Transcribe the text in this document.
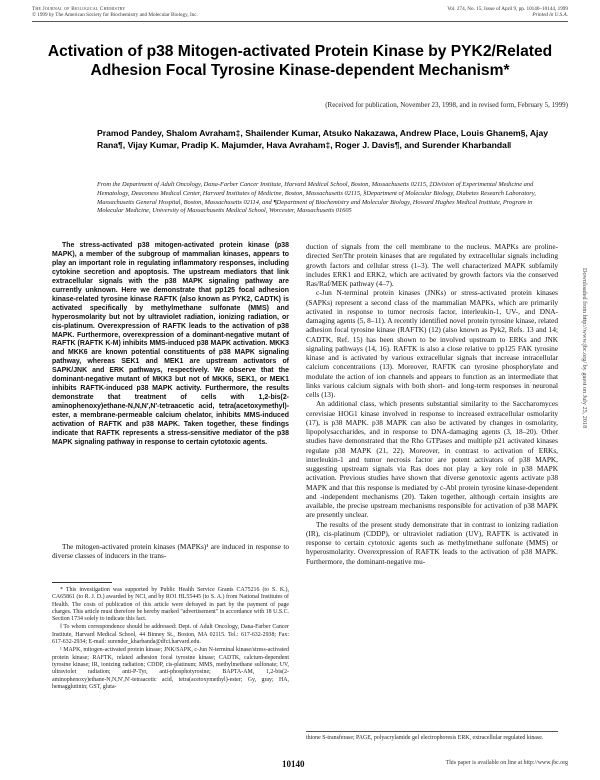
The Journal of Biological Chemistry
© 1999 by The American Society for Biochemistry and Molecular Biology, Inc.
Vol. 274, No. 15, Issue of April 9, pp. 10140–10144, 1999
Printed in U.S.A.
Activation of p38 Mitogen-activated Protein Kinase by PYK2/Related Adhesion Focal Tyrosine Kinase-dependent Mechanism*
(Received for publication, November 23, 1998, and in revised form, February 5, 1999)
Pramod Pandey, Shalom Avraham‡, Shailender Kumar, Atsuko Nakazawa, Andrew Place, Louis Ghanem§, Ajay Rana¶, Vijay Kumar, Pradip K. Majumder, Hava Avraham‡, Roger J. Davis¶, and Surender Kharbanda‖
From the Department of Adult Oncology, Dana-Farber Cancer Institute, Harvard Medical School, Boston, Massachusetts 02115, ‡Division of Experimental Medicine and Hematology, Deaconess Medical Center, Harvard Institutes of Medicine, Boston, Massachusetts 02115, §Department of Molecular Biology, Diabetes Research Laboratory, Massachusetts General Hospital, Boston, Massachusetts 02114, and ¶Department of Biochemistry and Molecular Biology, Howard Hughes Medical Institute, Program in Molecular Medicine, University of Massachusetts Medical School, Worcester, Massachusetts 01605
The stress-activated p38 mitogen-activated protein kinase (p38 MAPK), a member of the subgroup of mammalian kinases, appears to play an important role in regulating inflammatory responses, including cytokine secretion and apoptosis. The upstream mediators that link extracellular signals with the p38 MAPK signaling pathway are currently unknown. Here we demonstrate that pp125 focal adhesion kinase-related tyrosine kinase RAFTK (also known as PYK2, CADTK) is activated specifically by methylmethane sulfonate (MMS) and hyperosmolarity but not by ultraviolet radiation, ionizing radiation, or cis-platinum. Overexpression of RAFTK leads to the activation of p38 MAPK. Furthermore, overexpression of a dominant-negative mutant of RAFTK (RAFTK K-M) inhibits MMS-induced p38 MAPK activation. MKK3 and MKK6 are known potential constituents of p38 MAPK signaling pathway, whereas SEK1 and MEK1 are upstream activators of SAPK/JNK and ERK pathways, respectively. We observe that the dominant-negative mutant of MKK3 but not of MKK6, SEK1, or MEK1 inhibits RAFTK-induced p38 MAPK activity. Furthermore, the results demonstrate that treatment of cells with 1,2-bis(2-aminophenoxy)ethane-N,N,N′,N′-tetraacetic acid, tetra(acetoxymethyl)-ester, a membrane-permeable calcium chelator, inhibits MMS-induced activation of RAFTK and p38 MAPK. Taken together, these findings indicate that RAFTK represents a stress-sensitive mediator of the p38 MAPK signaling pathway in response to certain cytotoxic agents.
The mitogen-activated protein kinases (MAPKs)¹ are induced in response to diverse classes of inducers in the trans-

* This investigation was supported by Public Health Service Grants CA75216 (to S. K.), CA65861 (to R. J. D.) awarded by NCI, and by RO1 HL55445 (to S. A.) from National Institutes of Health. The costs of publication of this article were defrayed in part by the payment of page charges. This article must therefore be hereby marked "advertisement" in accordance with 18 U.S.C. Section 1734 solely to indicate this fact.

‖ To whom correspondence should be addressed: Dept. of Adult Oncology, Dana-Farber Cancer Institute, Harvard Medical School, 44 Binney St., Boston, MA 02115. Tel.: 617-632-2938; Fax: 617-632-2934; E-mail: surender_kharbanda@dfci.harvard.edu.

¹ MAPK, mitogen-activated protein kinase; JNK/SAPK, c-Jun N-terminal kinase/stress-activated protein kinase; RAFTK, related adhesion focal tyrosine kinase; CADTK, calcium-dependent tyrosine kinase; IR, ionizing radiation; CDDP, cis-platinum; MMS, methylmethane sulfonate; UV, ultraviolet radiation; anti-P-Tyr, anti-phosphotyrosine; BAPTA-AM, 1,2-bis(2-aminophenoxy)ethane-N,N,N′,N′-tetraacetic acid, tetra(acetoxymethyl)-ester; Gy, gray; HA, hemagglutinin; GST, gluta-

duction of signals from the cell membrane to the nucleus. MAPKs are proline-directed Ser/Thr protein kinases that are regulated by extracellular signals including growth factors and cellular stress (1–3). The well characterized MAPK subfamily includes ERK1 and ERK2, which are activated by growth factors via the conserved Ras/Raf/MEK pathway (4–7).

c-Jun N-terminal protein kinases (JNKs) or stress-activated protein kinases (SAPKs) represent a second class of the mammalian MAPKs, which are primarily activated in response to tumor necrosis factor, interleukin-1, UV-, and DNA-damaging agents (5, 8–11). A recently identified novel protein tyrosine kinase, related adhesion focal tyrosine kinase (RAFTK) (12) (also known as Pyk2, Refs. 13 and 14; CADTK, Ref. 15) has been shown to be involved upstream to ERKs and JNK signaling pathways (14, 16). RAFTK is also a close relative to pp125 FAK tyrosine kinase and is activated by various extracellular signals that increase intracellular calcium concentrations (13). Moreover, RAFTK can tyrosine phosphorylate and modulate the action of ion channels and appears to function as an intermediate that links various calcium signals with both short- and long-term responses in neuronal cells (13).

An additional class, which presents substantial similarity to the Saccharomyces cerevisiae HOG1 kinase involved in response to increased extracellular osmolarity (17), is p38 MAPK. p38 MAPK can also be activated by changes in osmolarity, lipopolysaccharides, and in response to DNA-damaging agents (3, 18–20). Other studies have demonstrated that the Rho GTPases and multiple p21 activated kinases regulate p38 MAPK (21, 22). Moreover, in contrast to activation of ERKs, interleukin-1 and tumor necrosis factor are potent activators of p38 MAPK, suggesting upstream signals via Ras does not play a key role in p38 MAPK activation. Previous studies have shown that diverse genotoxic agents activate p38 MAPK and that this response is mediated by c-Abl protein tyrosine kinase-dependent and -independent mechanisms (20). Taken together, although certain insights are available, the precise upstream mechanisms responsible for activation of p38 MAPK are presently unclear.

The results of the present study demonstrate that in contrast to ionizing radiation (IR), cis-platinum (CDDP), or ultraviolet radiation (UV), RAFTK is activated in response to certain cytotoxic agents such as methylmethane sulfonate (MMS) or hyperosmolarity. Overexpression of RAFTK leads to the activation of p38 MAPK. Furthermore, the dominant-negative mu-

thione S-transferase; PAGE, polyacrylamide gel electrophoresis ERK, extracellular regulated kinase.
10140	This paper is available on line at http://www.jbc.org
Downloaded from http://www.jbc.org/ by guest on July 25, 2018
